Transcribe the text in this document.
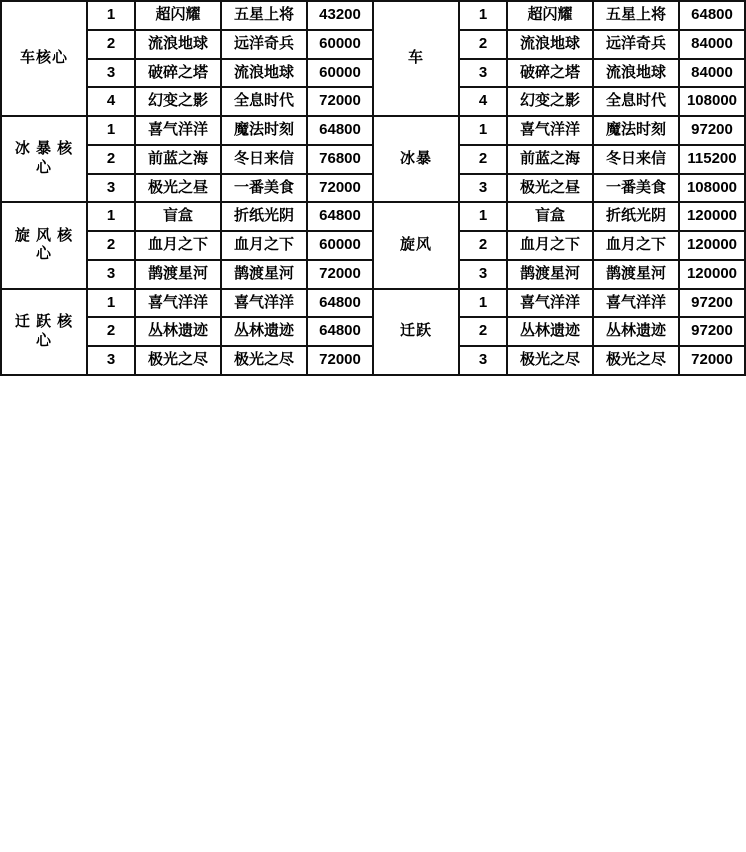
车核心	1	超闪耀	五星上将	43200	车	1	超闪耀	五星上将	64800
	2	流浪地球	远洋奇兵	60000		2	流浪地球	远洋奇兵	84000
	3	破碎之塔	流浪地球	60000		3	破碎之塔	流浪地球	84000
	4	幻变之影	全息时代	72000		4	幻变之影	全息时代	108000
冰 暴 核 心	1	喜气洋洋	魔法时刻	64800	冰暴	1	喜气洋洋	魔法时刻	97200
	2	前蓝之海	冬日来信	76800		2	前蓝之海	冬日来信	115200
	3	极光之昼	一番美食	72000		3	极光之昼	一番美食	108000
旋 风 核 心	1	盲盒	折纸光阴	64800	旋风	1	盲盒	折纸光阴	120000
	2	血月之下	血月之下	60000		2	血月之下	血月之下	120000
	3	鹊渡星河	鹊渡星河	72000		3	鹊渡星河	鹊渡星河	120000
迁 跃 核 心	1	喜气洋洋	喜气洋洋	64800	迁跃	1	喜气洋洋	喜气洋洋	97200
	2	丛林遗迹	丛林遗迹	64800		2	丛林遗迹	丛林遗迹	97200
	3	极光之尽	极光之尽	72000		3	极光之尽	极光之尽	72000
